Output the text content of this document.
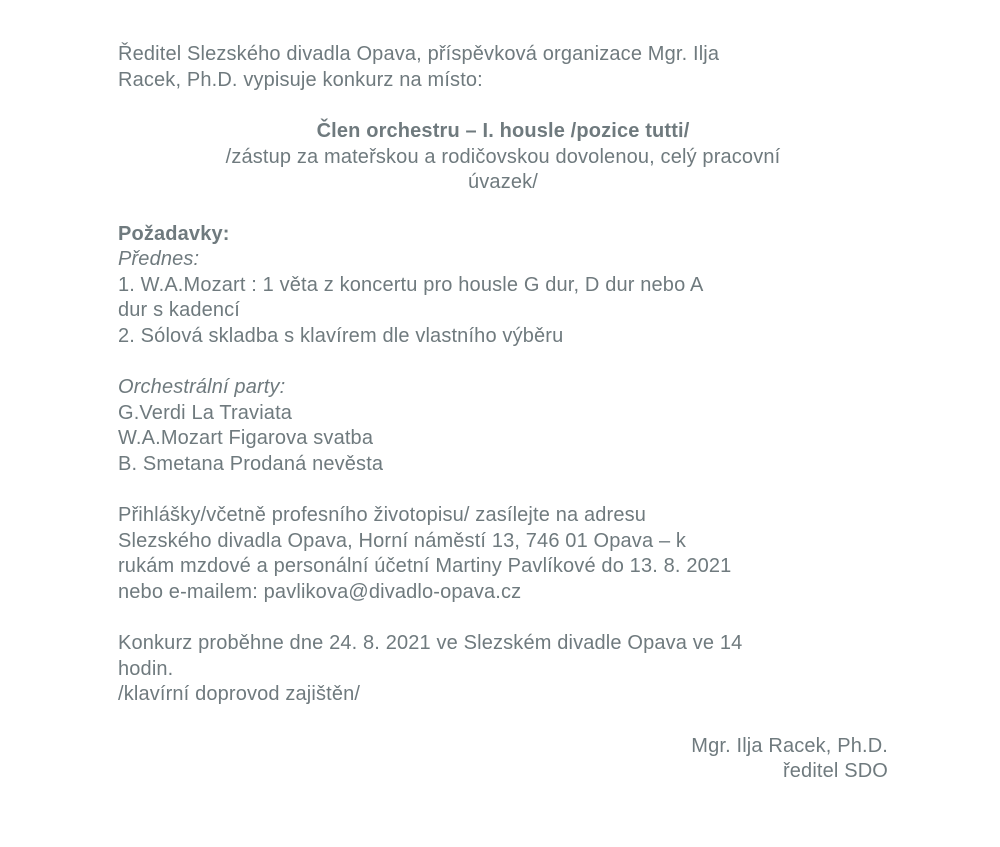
Ředitel Slezského divadla Opava, příspěvková organizace Mgr. Ilja
Racek, Ph.D. vypisuje konkurz na místo:

Člen orchestru – I. housle /pozice tutti/
/zástup za mateřskou a rodičovskou dovolenou, celý pracovní
úvazek/

Požadavky:
Přednes:
1. W.A.Mozart : 1 věta z koncertu pro housle G dur, D dur nebo A
dur s kadencí
2. Sólová skladba s klavírem dle vlastního výběru

Orchestrální party:
G.Verdi La Traviata
W.A.Mozart Figarova svatba
B. Smetana Prodaná nevěsta

Přihlášky/včetně profesního životopisu/ zasílejte na adresu
Slezského divadla Opava, Horní náměstí 13, 746 01 Opava – k
rukám mzdové a personální účetní Martiny Pavlíkové do 13. 8. 2021
nebo e-mailem: pavlikova@divadlo-opava.cz

Konkurz proběhne dne 24. 8. 2021 ve Slezském divadle Opava ve 14
hodin.
/klavírní doprovod zajištěn/

Mgr. Ilja Racek, Ph.D.
ředitel SDO
